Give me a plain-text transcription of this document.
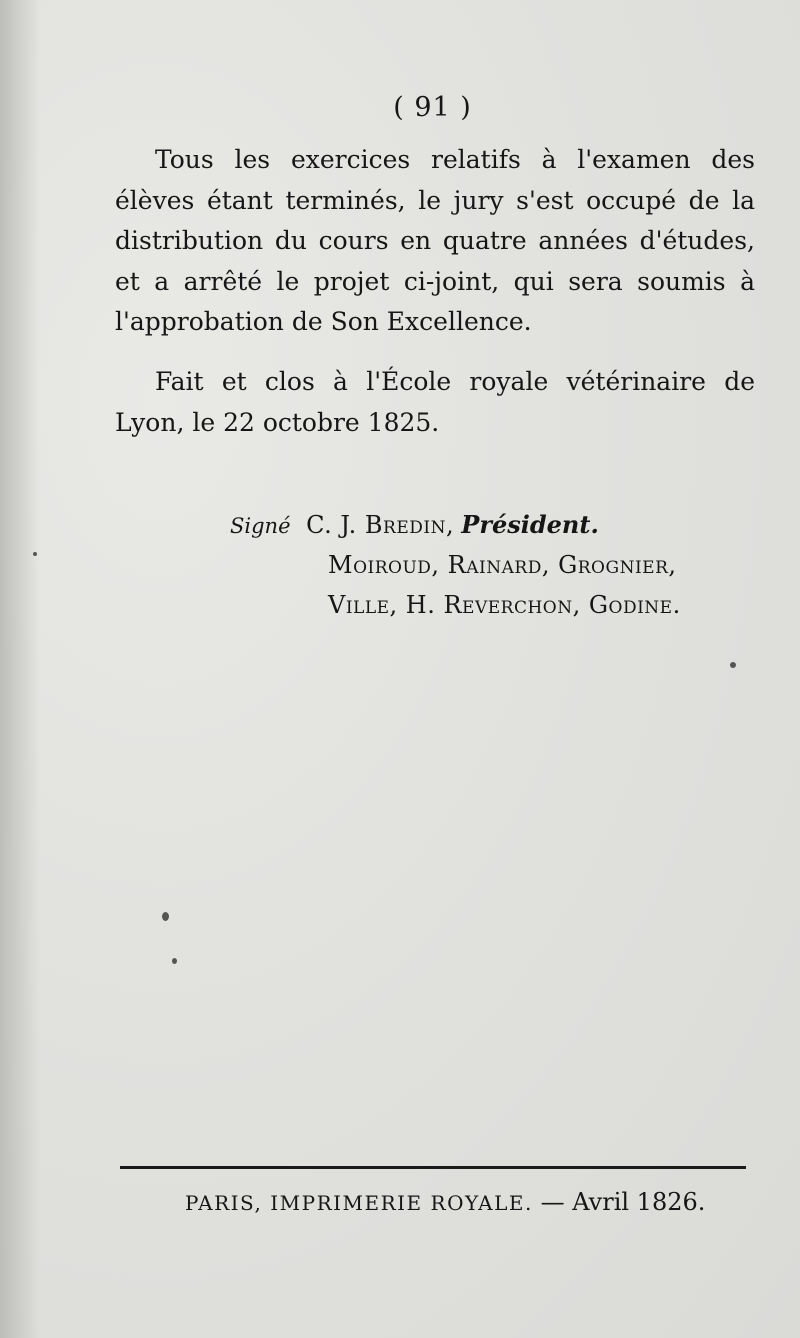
( 91 )

Tous les exercices relatifs à l'examen des élèves étant terminés, le jury s'est occupé de la distribution du cours en quatre années d'études, et a arrêté le projet ci-joint, qui sera soumis à l'approbation de Son Excellence.

Fait et clos à l'École royale vétérinaire de Lyon, le 22 octobre 1825.

Signé C. J. Bredin, Président.
Moiroud, Rainard, Grognier,
Ville, H. Reverchon, Godine.
PARIS, IMPRIMERIE ROYALE. — Avril 1826.
